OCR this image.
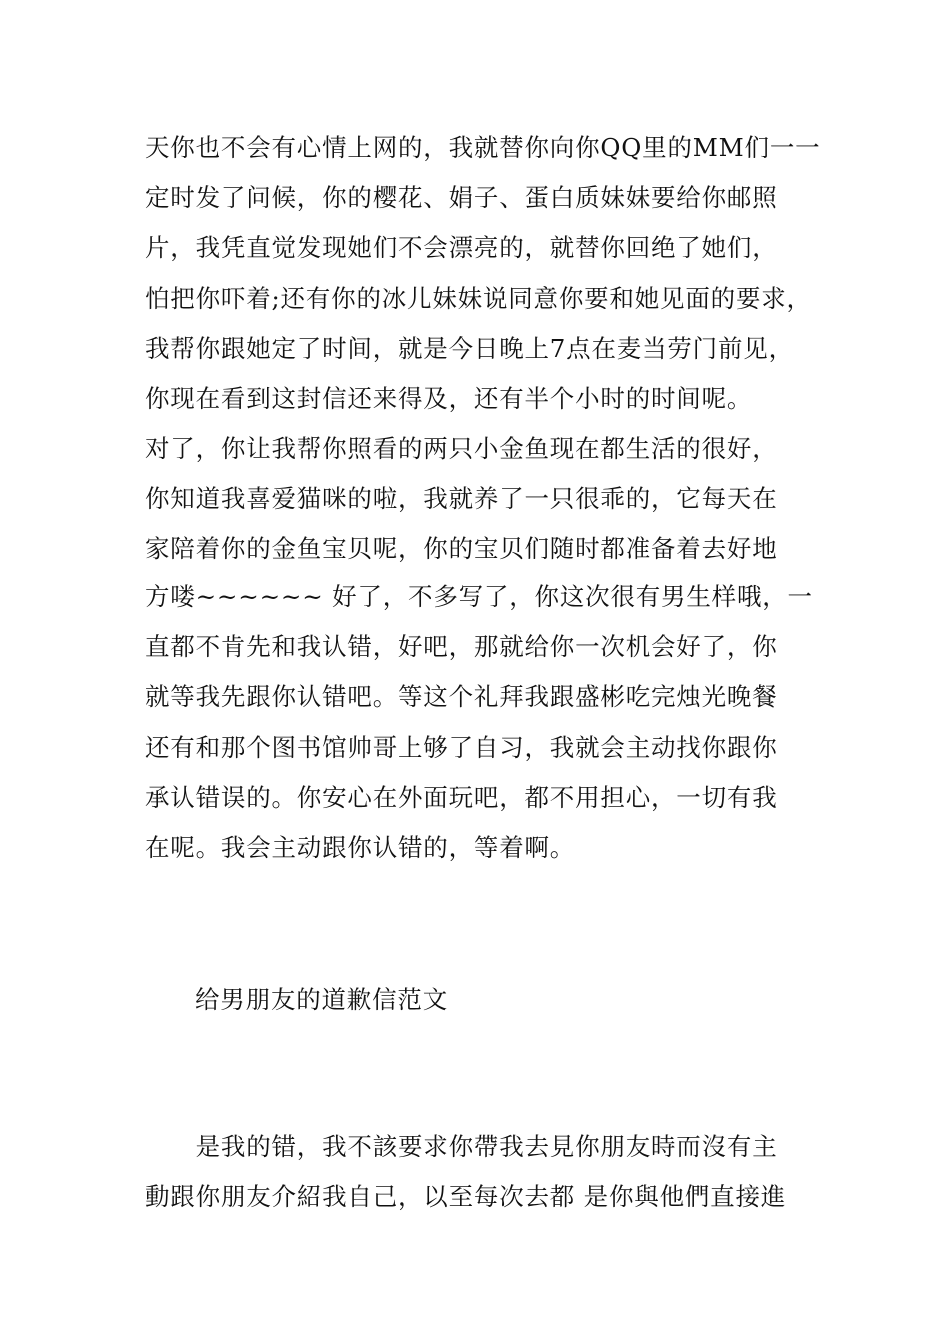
天你也不会有心情上网的，我就替你向你QQ里的MM们一一
定时发了问候，你的樱花、娟子、蛋白质妹妹要给你邮照
片，我凭直觉发现她们不会漂亮的，就替你回绝了她们，
怕把你吓着;还有你的冰儿妹妹说同意你要和她见面的要求，
我帮你跟她定了时间，就是今日晚上7点在麦当劳门前见，
你现在看到这封信还来得及，还有半个小时的时间呢。
对了，你让我帮你照看的两只小金鱼现在都生活的很好，
你知道我喜爱猫咪的啦，我就养了一只很乖的，它每天在
家陪着你的金鱼宝贝呢，你的宝贝们随时都准备着去好地
方喽~~~~~~ 好了，不多写了，你这次很有男生样哦，一
直都不肯先和我认错，好吧，那就给你一次机会好了，你
就等我先跟你认错吧。等这个礼拜我跟盛彬吃完烛光晚餐
还有和那个图书馆帅哥上够了自习，我就会主动找你跟你
承认错误的。你安心在外面玩吧，都不用担心，一切有我
在呢。我会主动跟你认错的，等着啊。
给男朋友的道歉信范文
　　是我的错，我不該要求你帶我去見你朋友時而沒有主
動跟你朋友介紹我自己，以至每次去都 是你與他們直接進
